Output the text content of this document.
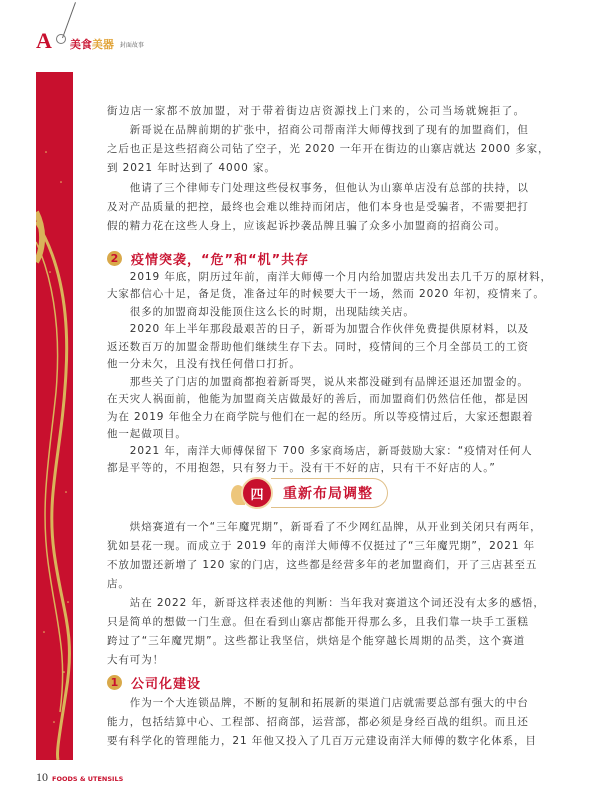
A 美食美器 封面故事
街边店一家都不放加盟，对于带着街边店资源找上门来的，公司当场就婉拒了。
　　新哥说在品牌前期的扩张中，招商公司帮南洋大师傅找到了现有的加盟商们，但
之后也正是这些招商公司钻了空子，光 2020 一年开在街边的山寨店就达 2000 多家，
到 2021 年时达到了 4000 家。
　　他请了三个律师专门处理这些侵权事务，但他认为山寨单店没有总部的扶持，以
及对产品质量的把控，最终也会难以维持而闭店，他们本身也是受骗者，不需要把打
假的精力花在这些人身上，应该起诉抄袭品牌且骗了众多小加盟商的招商公司。
2 疫情突袭，“危”和“机”共存
　　2019 年底，阴历过年前，南洋大师傅一个月内给加盟店共发出去几千万的原材料，
大家都信心十足，备足货，准备过年的时候要大干一场，然而 2020 年初，疫情来了。
　　很多的加盟商却没能顶住这么长的时期，出现陆续关店。
　　2020 年上半年那段最艰苦的日子，新哥为加盟合作伙伴免费提供原材料，以及
返还数百万的加盟金帮助他们继续生存下去。同时，疫情间的三个月全部员工的工资
他一分未欠，且没有找任何借口打折。
　　那些关了门店的加盟商都抱着新哥哭，说从来都没碰到有品牌还退还加盟金的。
在天灾人祸面前，他能为加盟商关店做最好的善后，而加盟商们仍然信任他，都是因
为在 2019 年他全力在商学院与他们在一起的经历。所以等疫情过后，大家还想跟着
他一起做项目。
　　2021 年，南洋大师傅保留下 700 多家商场店，新哥鼓励大家：“疫情对任何人
都是平等的，不用抱怨，只有努力干。没有干不好的店，只有干不好店的人。”
四	重新布局调整
　　烘焙赛道有一个“三年魔咒期”，新哥看了不少网红品牌，从开业到关闭只有两年，
犹如昙花一现。而成立于 2019 年的南洋大师傅不仅挺过了“三年魔咒期”，2021 年
不放加盟还新增了 120 家的门店，这些都是经营多年的老加盟商们，开了三店甚至五
店。
　　站在 2022 年，新哥这样表述他的判断：当年我对赛道这个词还没有太多的感悟，
只是简单的想做一门生意。但在看到山寨店都能开得那么多，且我们靠一块手工蛋糕
跨过了“三年魔咒期”。这些都让我坚信，烘焙是个能穿越长周期的品类，这个赛道
大有可为！
1 公司化建设
　　作为一个大连锁品牌，不断的复制和拓展新的渠道门店就需要总部有强大的中台
能力，包括结算中心、工程部、招商部，运营部，都必须是身经百战的组织。而且还
要有科学化的管理能力，21 年他又投入了几百万元建设南洋大师傅的数字化体系，目
10 FOODS & UTENSILS
